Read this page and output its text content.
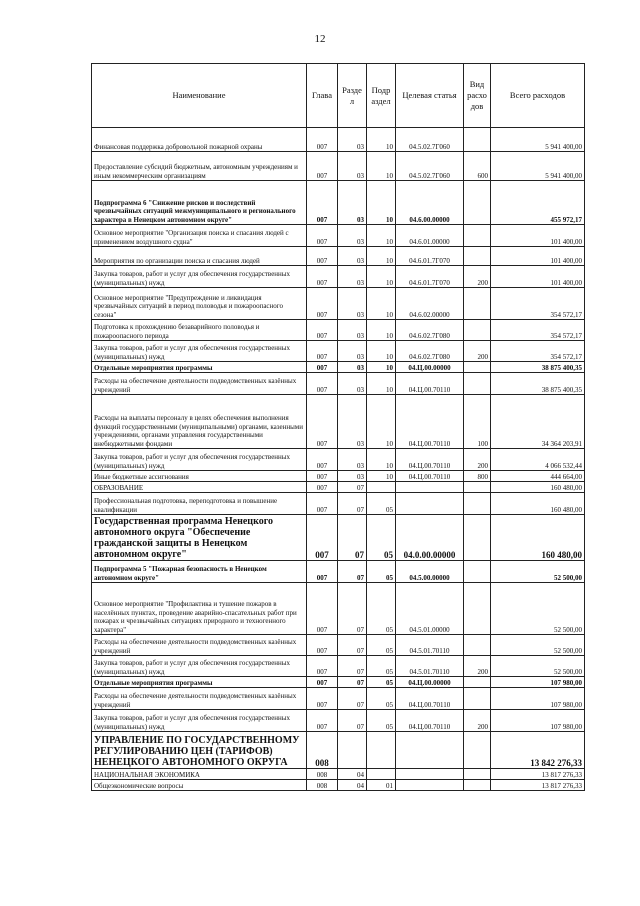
12
Наименование	Глава	Разде л	Подр аздел	Целевая статья	Вид расхо дов	Всего расходов
Финансовая поддержка добровольной пожарной охраны	007	03	10	04.5.02.7Г060		5 941 400,00
Предоставление субсидий бюджетным, автономным учреждениям и иным некоммерческим организациям	007	03	10	04.5.02.7Г060	600	5 941 400,00
Подпрограмма 6 "Снижение рисков и последствий чрезвычайных ситуаций межмуниципального и регионального характера в Ненецком автономном округе"	007	03	10	04.6.00.00000		455 972,17
Основное мероприятие "Организация поиска и спасания людей с применением воздушного судна"	007	03	10	04.6.01.00000		101 400,00
Мероприятия по организации поиска и спасания людей	007	03	10	04.6.01.7Г070		101 400,00
Закупка товаров, работ и услуг для обеспечения государственных (муниципальных) нужд	007	03	10	04.6.01.7Г070	200	101 400,00
Основное мероприятие "Предупреждение и ликвидация чрезвычайных ситуаций в период половодья и пожароопасного сезона"	007	03	10	04.6.02.00000		354 572,17
Подготовка к прохождению безаварийного половодья и пожароопасного периода	007	03	10	04.6.02.7Г080		354 572,17
Закупка товаров, работ и услуг для обеспечения государственных (муниципальных) нужд	007	03	10	04.6.02.7Г080	200	354 572,17
Отдельные мероприятия программы	007	03	10	04.Ц.00.00000		38 875 400,35
Расходы на обеспечение деятельности подведомственных казённых учреждений	007	03	10	04.Ц.00.70110		38 875 400,35
Расходы на выплаты персоналу в целях обеспечения выполнения функций государственными (муниципальными) органами, казенными учреждениями, органами управления государственными внебюджетными фондами	007	03	10	04.Ц.00.70110	100	34 364 203,91
Закупка товаров, работ и услуг для обеспечения государственных (муниципальных) нужд	007	03	10	04.Ц.00.70110	200	4 066 532,44
Иные бюджетные ассигнования	007	03	10	04.Ц.00.70110	800	444 664,00
ОБРАЗОВАНИЕ	007	07				160 480,00
Профессиональная подготовка, переподготовка и повышение квалификации	007	07	05			160 480,00
Государственная программа Ненецкого автономного округа "Обеспечение гражданской защиты в Ненецком автономном округе"	007	07	05	04.0.00.00000		160 480,00
Подпрограмма 5 "Пожарная безопасность в Ненецком автономном округе"	007	07	05	04.5.00.00000		52 500,00
Основное мероприятие "Профилактика и тушение пожаров в населённых пунктах, проведение аварийно-спасательных работ при пожарах и чрезвычайных ситуациях природного и техногенного характера"	007	07	05	04.5.01.00000		52 500,00
Расходы на обеспечение деятельности подведомственных казённых учреждений	007	07	05	04.5.01.70110		52 500,00
Закупка товаров, работ и услуг для обеспечения государственных (муниципальных) нужд	007	07	05	04.5.01.70110	200	52 500,00
Отдельные мероприятия программы	007	07	05	04.Ц.00.00000		107 980,00
Расходы на обеспечение деятельности подведомственных казённых учреждений	007	07	05	04.Ц.00.70110		107 980,00
Закупка товаров, работ и услуг для обеспечения государственных (муниципальных) нужд	007	07	05	04.Ц.00.70110	200	107 980,00
УПРАВЛЕНИЕ ПО ГОСУДАРСТВЕННОМУ РЕГУЛИРОВАНИЮ ЦЕН (ТАРИФОВ) НЕНЕЦКОГО АВТОНОМНОГО ОКРУГА	008					13 842 276,33
НАЦИОНАЛЬНАЯ ЭКОНОМИКА	008	04				13 817 276,33
Общеэкономические вопросы	008	04	01			13 817 276,33
